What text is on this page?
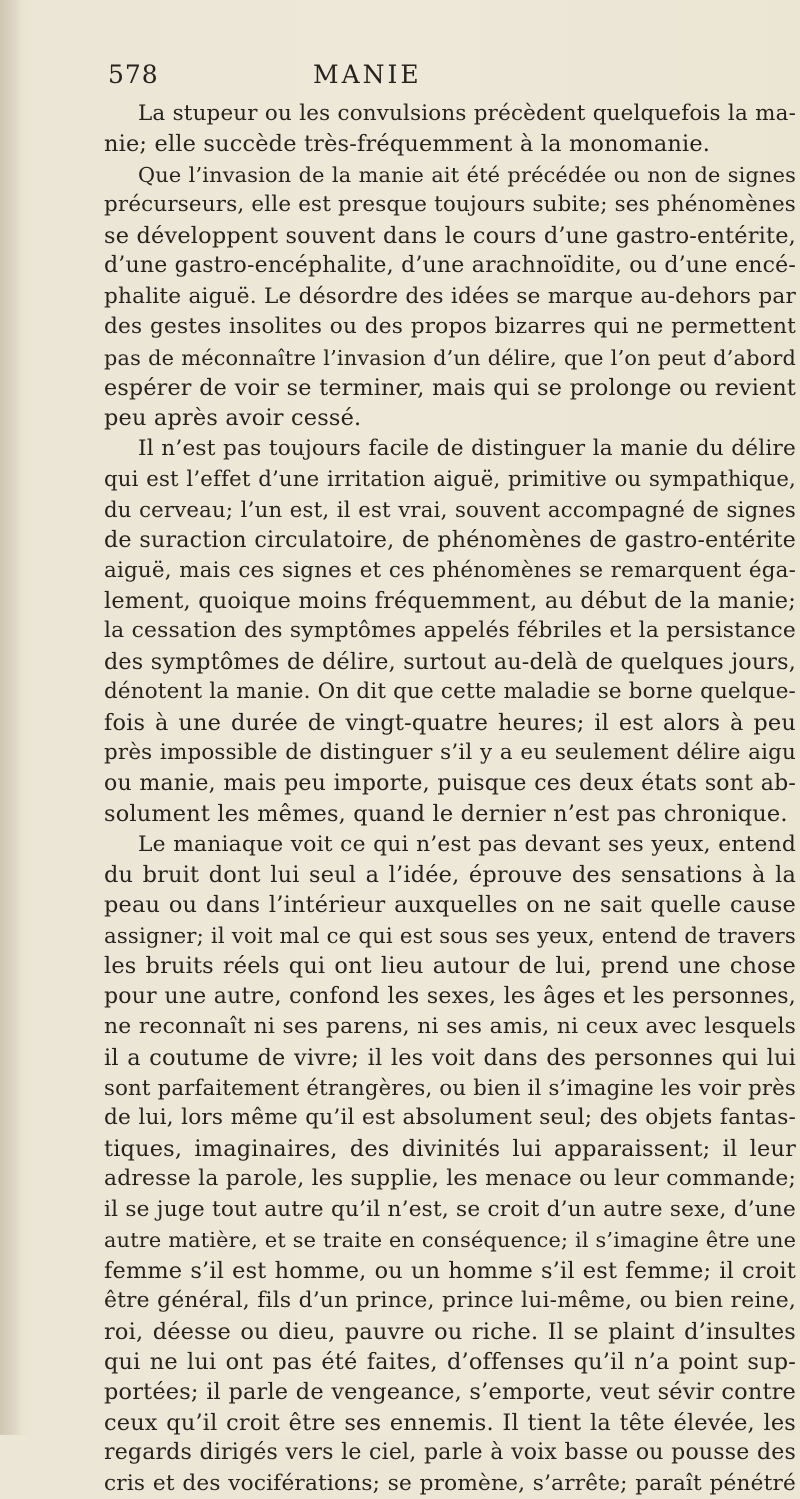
578	MANIE
La stupeur ou les convulsions précèdent quelquefois la ma-
nie; elle succède très-fréquemment à la monomanie.
Que l’invasion de la manie ait été précédée ou non de signes
précurseurs, elle est presque toujours subite; ses phénomènes
se développent souvent dans le cours d’une gastro-entérite,
d’une gastro-encéphalite, d’une arachnoïdite, ou d’une encé-
phalite aiguë. Le désordre des idées se marque au-dehors par
des gestes insolites ou des propos bizarres qui ne permettent
pas de méconnaître l’invasion d’un délire, que l’on peut d’abord
espérer de voir se terminer, mais qui se prolonge ou revient
peu après avoir cessé.
Il n’est pas toujours facile de distinguer la manie du délire
qui est l’effet d’une irritation aiguë, primitive ou sympathique,
du cerveau; l’un est, il est vrai, souvent accompagné de signes
de suraction circulatoire, de phénomènes de gastro-entérite
aiguë, mais ces signes et ces phénomènes se remarquent éga-
lement, quoique moins fréquemment, au début de la manie;
la cessation des symptômes appelés fébriles et la persistance
des symptômes de délire, surtout au-delà de quelques jours,
dénotent la manie. On dit que cette maladie se borne quelque-
fois à une durée de vingt-quatre heures; il est alors à peu
près impossible de distinguer s’il y a eu seulement délire aigu
ou manie, mais peu importe, puisque ces deux états sont ab-
solument les mêmes, quand le dernier n’est pas chronique.
Le maniaque voit ce qui n’est pas devant ses yeux, entend
du bruit dont lui seul a l’idée, éprouve des sensations à la
peau ou dans l’intérieur auxquelles on ne sait quelle cause
assigner; il voit mal ce qui est sous ses yeux, entend de travers
les bruits réels qui ont lieu autour de lui, prend une chose
pour une autre, confond les sexes, les âges et les personnes,
ne reconnaît ni ses parens, ni ses amis, ni ceux avec lesquels
il a coutume de vivre; il les voit dans des personnes qui lui
sont parfaitement étrangères, ou bien il s’imagine les voir près
de lui, lors même qu’il est absolument seul; des objets fantas-
tiques, imaginaires, des divinités lui apparaissent; il leur
adresse la parole, les supplie, les menace ou leur commande;
il se juge tout autre qu’il n’est, se croit d’un autre sexe, d’une
autre matière, et se traite en conséquence; il s’imagine être une
femme s’il est homme, ou un homme s’il est femme; il croit
être général, fils d’un prince, prince lui-même, ou bien reine,
roi, déesse ou dieu, pauvre ou riche. Il se plaint d’insultes
qui ne lui ont pas été faites, d’offenses qu’il n’a point sup-
portées; il parle de vengeance, s’emporte, veut sévir contre
ceux qu’il croit être ses ennemis. Il tient la tête élevée, les
regards dirigés vers le ciel, parle à voix basse ou pousse des
cris et des vociférations; se promène, s’arrête; paraît pénétré
